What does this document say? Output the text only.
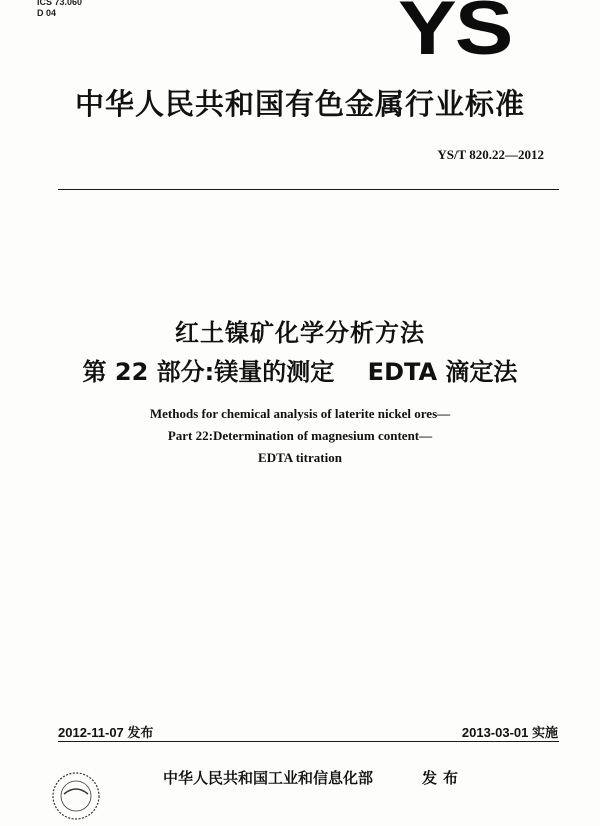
ICS 73.060
D 04	YS
中华人民共和国有色金属行业标准
YS/T 820.22—2012
红土镍矿化学分析方法
第 22 部分:镁量的测定    EDTA 滴定法
Methods for chemical analysis of laterite nickel ores—
Part 22:Determination of magnesium content—
EDTA titration
2012-11-07 发布	2013-03-01 实施
中华人民共和国工业和信息化部	发布
